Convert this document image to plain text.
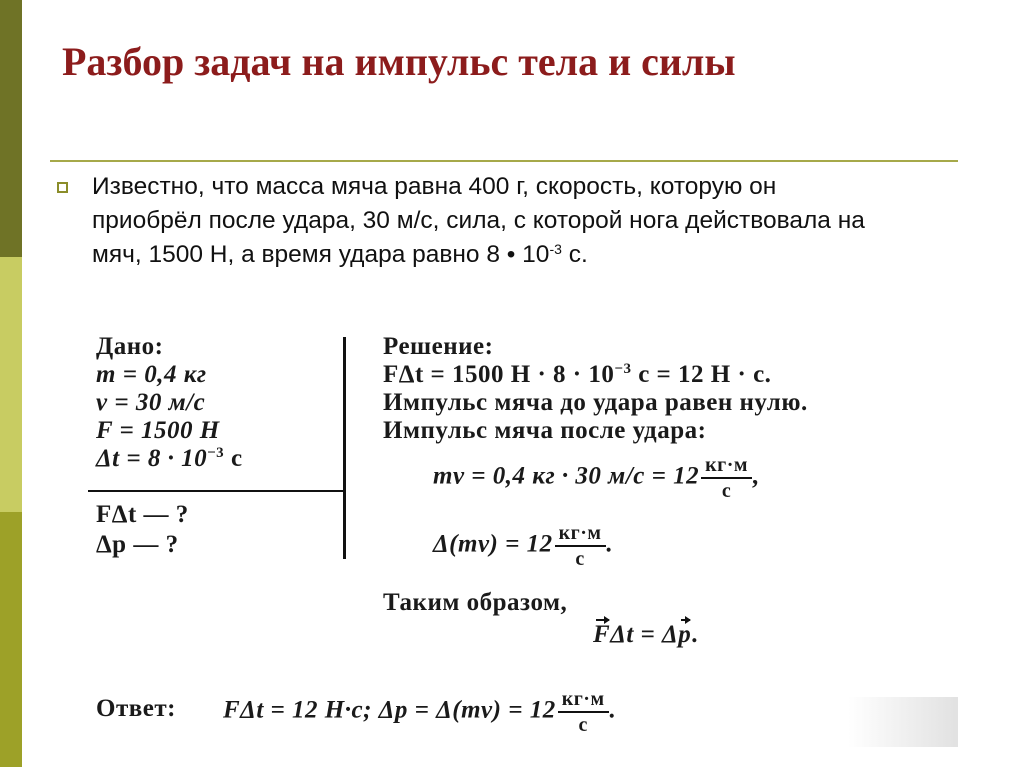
Разбор задач на импульс тела и силы
Известно, что масса мяча равна 400 г, скорость, которую он приобрёл после удара, 30 м/с, сила, с которой нога действовала на мяч, 1500 Н, а время удара равно 8 • $10^{-3}$ с.
Дано:
m = 0,4 кг
v = 30 м/с
F = 1500 Н
$\Delta t = 8 \cdot 10^{-3}$ с
FΔt — ?
Δp — ?
Решение:
FΔt = 1500 $Н \cdot 8 \cdot 10^{-3}$ с = 12 Н · с.
Импульс мяча до удара равен нулю.
Импульс мяча после удара:
mv = 0,4 кг · 30 $м/с = 12 \frac{кг\cdot м}{с}$ ,
$\Delta(mv) = 12 \frac{кг\cdot м}{с}$ .
Таким образом,
FΔt = Δp.
Ответ: FΔt = 12 Н·с; $\Delta p = \Delta(mv) = 12 \frac{кг\cdot м}{с}$ .
